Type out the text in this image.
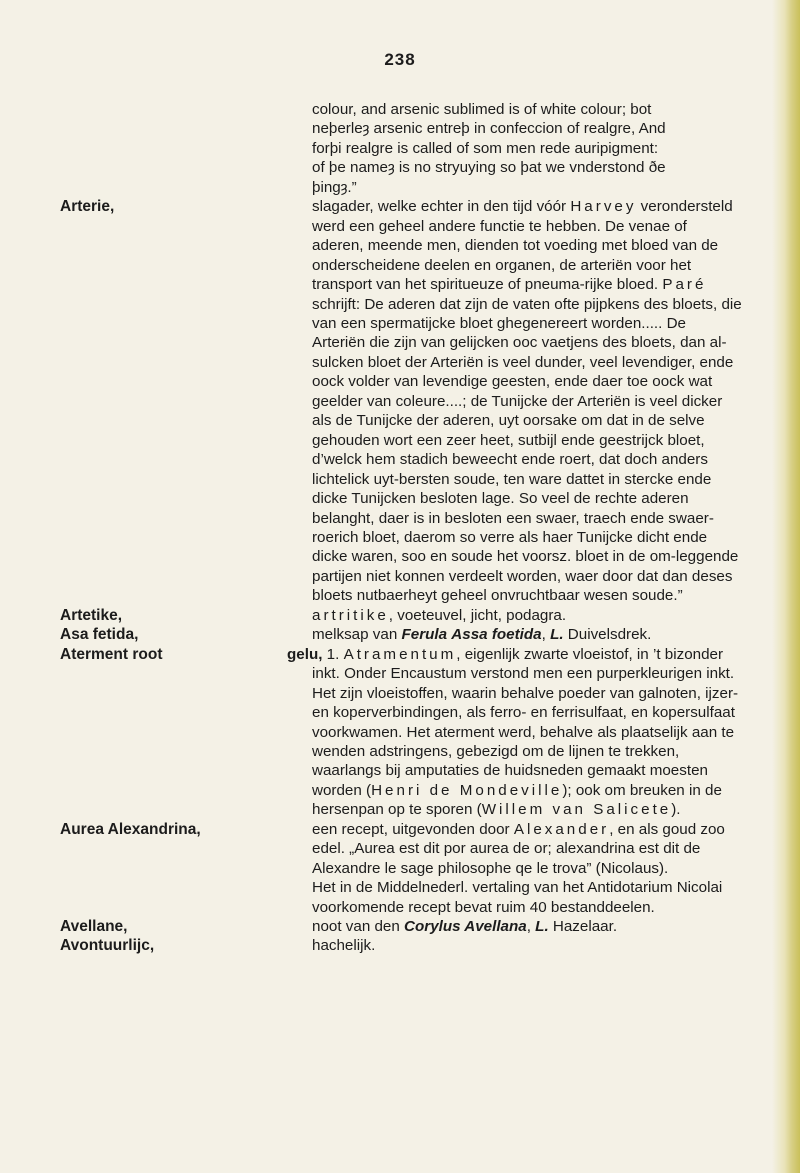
238
colour, and arsenic sublimed is of white colour; bot
neþerleȝ arsenic entreþ in confeccion of realgre, And
forþi realgre is called of som men rede auripigment:
of þe nameȝ is no stryuying so þat we vnderstond ðe
þingȝ.”
Arterie,	slagader, welke echter in den tijd vóór Harvey verondersteld werd een geheel andere functie te hebben. De venae of aderen, meende men, dienden tot voeding met bloed van de onderscheidene deelen en organen, de arteriën voor het transport van het spiritueuze of pneuma-rijke bloed. Paré schrijft: De aderen dat zijn de vaten ofte pijpkens des bloets, die van een spermatijcke bloet ghegenereert worden..... De Arteriën die zijn van gelijcken ooc vaetjens des bloets, dan al-sulcken bloet der Arteriën is veel dunder, veel levendiger, ende oock volder van levendige geesten, ende daer toe oock wat geelder van coleure....; de Tunijcke der Arteriën is veel dicker als de Tunijcke der aderen, uyt oorsake om dat in de selve gehouden wort een zeer heet, sutbijl ende geestrijck bloet, d’welck hem stadich beweecht ende roert, dat doch anders lichtelick uyt-bersten soude, ten ware dattet in stercke ende dicke Tunijcken besloten lage. So veel de rechte aderen belanght, daer is in besloten een swaer, traech ende swaer-roerich bloet, daerom so verre als haer Tunijcke dicht ende dicke waren, soo en soude het voorsz. bloet in de om-leggende partijen niet konnen verdeelt worden, waer door dat dan deses bloets nutbaerheyt geheel onvruchtbaar wesen soude.”
Artetike,	artritike, voeteuvel, jicht, podagra.
Asa fetida,	melksap van Ferula Assa foetida, L. Duivelsdrek.
Aterment root	gelu, 1. Atramentum, eigenlijk zwarte vloeistof, in ’t bizonder inkt. Onder Encaustum verstond men een purperkleurigen inkt. Het zijn vloeistoffen, waarin behalve poeder van galnoten, ijzer- en koperverbindingen, als ferro- en ferrisulfaat, en kopersulfaat voorkwamen. Het aterment werd, behalve als plaatselijk aan te wenden adstringens, gebezigd om de lijnen te trekken, waarlangs bij amputaties de huidsneden gemaakt moesten worden (Henri de Mondeville); ook om breuken in de hersenpan op te sporen (Willem van Salicete).
Aurea Alexandrina,	een recept, uitgevonden door Alexander, en als goud zoo edel. „Aurea est dit por aurea de or; alexandrina est dit de Alexandre le sage philosophe qe le trova” (Nicolaus).
Het in de Middelnederl. vertaling van het Antidotarium Nicolai voorkomende recept bevat ruim 40 bestanddeelen.
Avellane,	noot van den Corylus Avellana, L. Hazelaar.
Avontuurlijc,	hachelijk.
